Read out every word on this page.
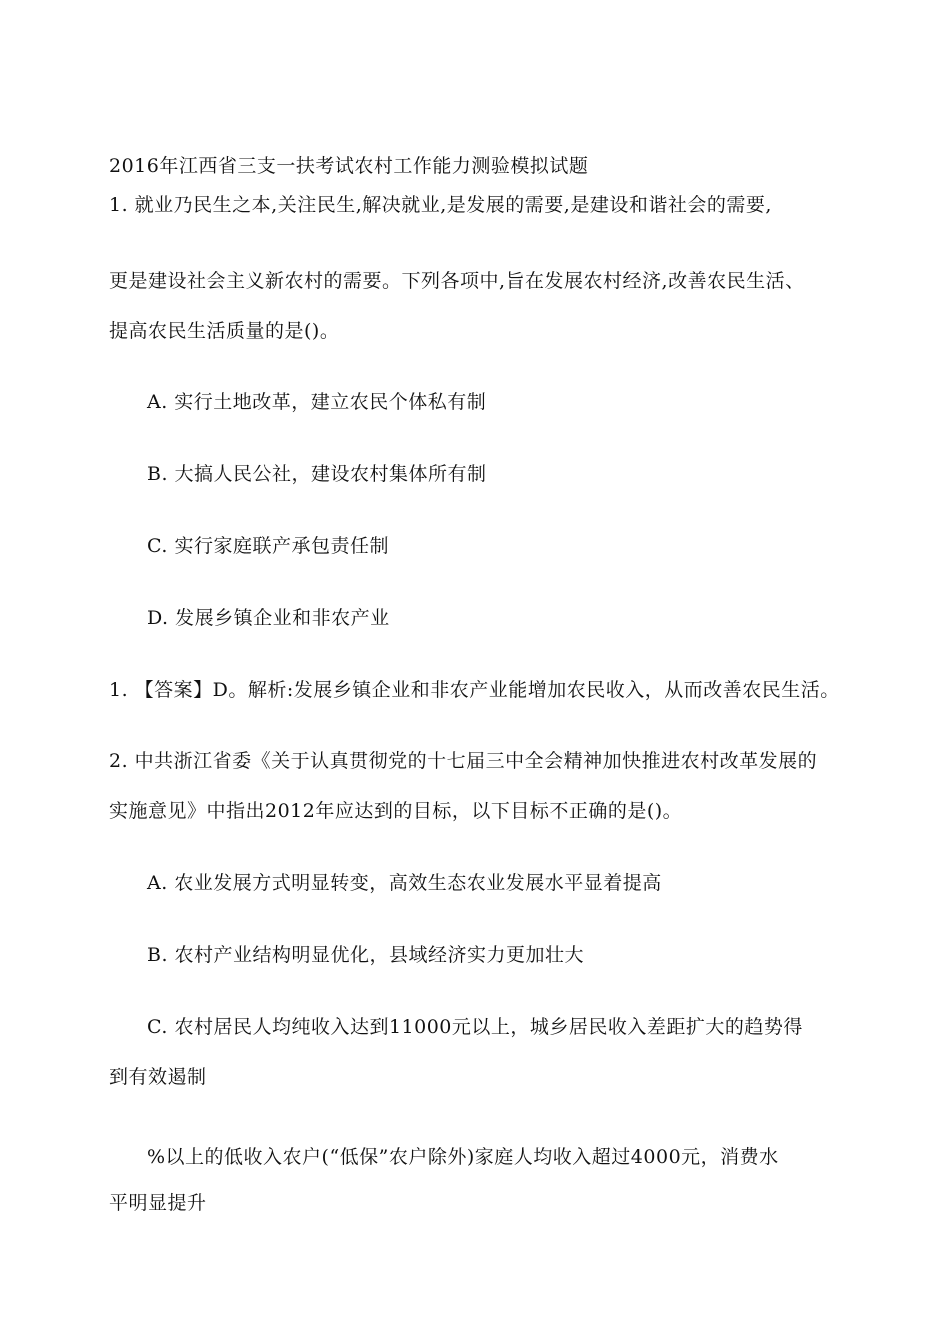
2016年江西省三支一扶考试农村工作能力测验模拟试题
1. 就业乃民生之本,关注民生,解决就业,是发展的需要,是建设和谐社会的需要,
更是建设社会主义新农村的需要。下列各项中,旨在发展农村经济,改善农民生活、
提高农民生活质量的是()。
A. 实行土地改革，建立农民个体私有制
B. 大搞人民公社，建设农村集体所有制
C. 实行家庭联产承包责任制
D. 发展乡镇企业和非农产业
1. 【答案】D。解析:发展乡镇企业和非农产业能增加农民收入，从而改善农民生活。
2. 中共浙江省委《关于认真贯彻党的十七届三中全会精神加快推进农村改革发展的
实施意见》中指出2012年应达到的目标，以下目标不正确的是()。
A. 农业发展方式明显转变，高效生态农业发展水平显着提高
B. 农村产业结构明显优化，县域经济实力更加壮大
C. 农村居民人均纯收入达到11000元以上，城乡居民收入差距扩大的趋势得
到有效遏制
%以上的低收入农户(“低保”农户除外)家庭人均收入超过4000元，消费水
平明显提升
